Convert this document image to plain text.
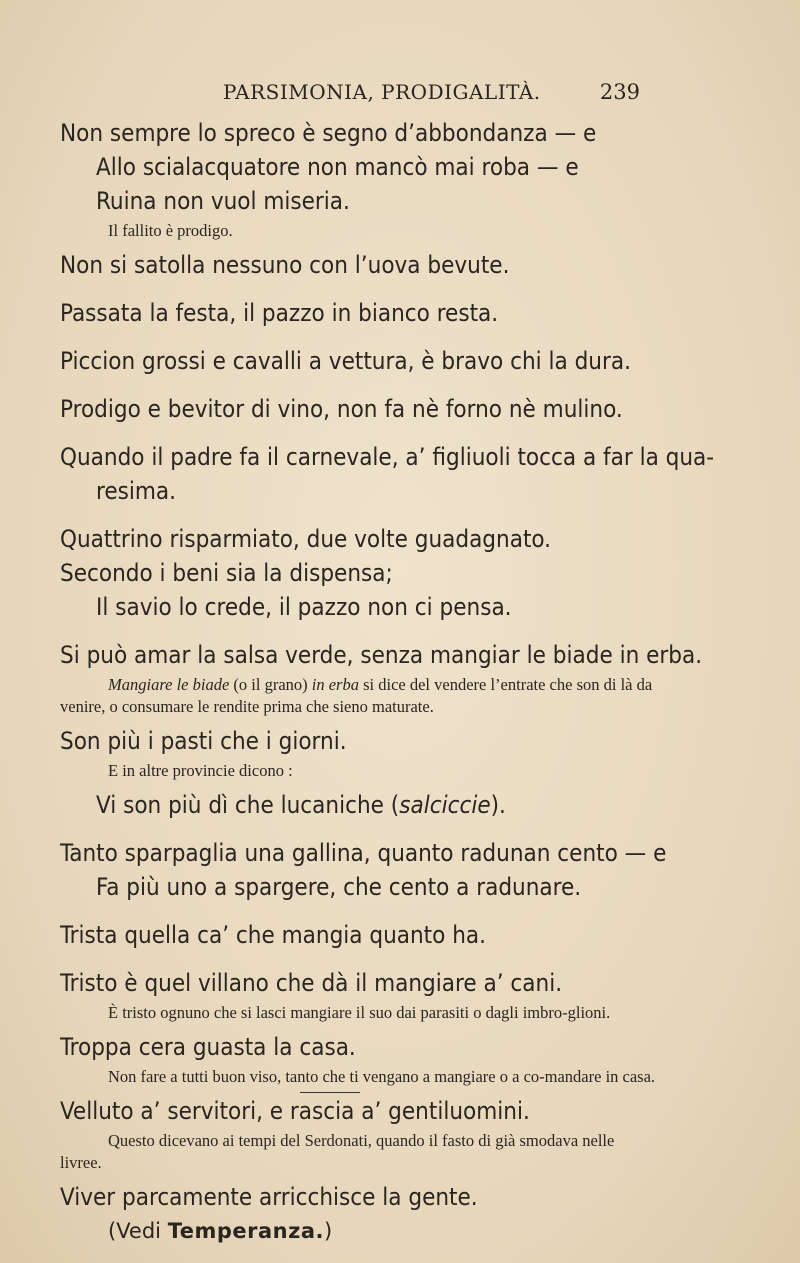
PARSIMONIA, PRODIGALITÀ.	239
Non sempre lo spreco è segno d’abbondanza — e
Allo scialacquatore non mancò mai roba — e
Ruina non vuol miseria.
Il fallito è prodigo.
Non si satolla nessuno con l’uova bevute.
Passata la festa, il pazzo in bianco resta.
Piccion grossi e cavalli a vettura, è bravo chi la dura.
Prodigo e bevitor di vino, non fa nè forno nè mulino.
Quando il padre fa il carnevale, a’ figliuoli tocca a far la qua-
resima.
Quattrino risparmiato, due volte guadagnato.
Secondo i beni sia la dispensa;
Il savio lo crede, il pazzo non ci pensa.
Si può amar la salsa verde, senza mangiar le biade in erba.
Mangiare le biade (o il grano) in erba si dice del vendere l’entrate che son di là da venire, o consumare le rendite prima che sieno maturate.
Son più i pasti che i giorni.
E in altre provincie dicono :
Vi son più dì che lucaniche (salciccie).
Tanto sparpaglia una gallina, quanto radunan cento — e
Fa più uno a spargere, che cento a radunare.
Trista quella ca’ che mangia quanto ha.
Tristo è quel villano che dà il mangiare a’ cani.
È tristo ognuno che si lasci mangiare il suo dai parasiti o dagli imbro-glioni.
Troppa cera guasta la casa.
Non fare a tutti buon viso, tanto che ti vengano a mangiare o a co-mandare in casa.
Velluto a’ servitori, e rascia a’ gentiluomini.
Questo dicevano ai tempi del Serdonati, quando il fasto di già smodava nelle livree.
Viver parcamente arricchisce la gente.
(Vedi Temperanza.)
